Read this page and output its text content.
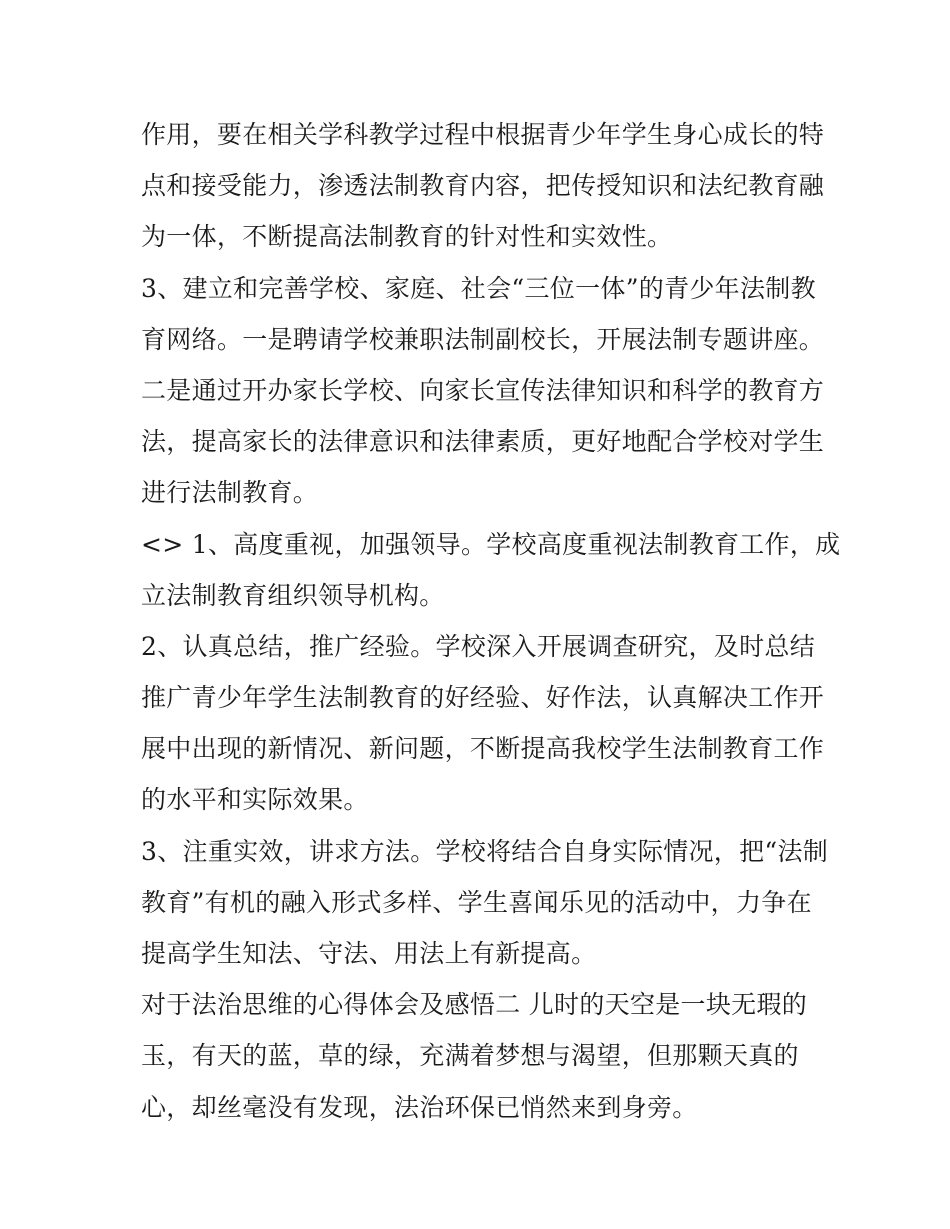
作用，要在相关学科教学过程中根据青少年学生身心成长的特
点和接受能力，渗透法制教育内容，把传授知识和法纪教育融
为一体，不断提高法制教育的针对性和实效性。
3、建立和完善学校、家庭、社会“三位一体”的青少年法制教
育网络。一是聘请学校兼职法制副校长，开展法制专题讲座。
二是通过开办家长学校、向家长宣传法律知识和科学的教育方
法，提高家长的法律意识和法律素质，更好地配合学校对学生
进行法制教育。
<> 1、高度重视，加强领导。学校高度重视法制教育工作，成
立法制教育组织领导机构。
2、认真总结，推广经验。学校深入开展调查研究，及时总结
推广青少年学生法制教育的好经验、好作法，认真解决工作开
展中出现的新情况、新问题，不断提高我校学生法制教育工作
的水平和实际效果。
3、注重实效，讲求方法。学校将结合自身实际情况，把“法制
教育”有机的融入形式多样、学生喜闻乐见的活动中，力争在
提高学生知法、守法、用法上有新提高。
对于法治思维的心得体会及感悟二 儿时的天空是一块无瑕的
玉，有天的蓝，草的绿，充满着梦想与渴望，但那颗天真的
心，却丝毫没有发现，法治环保已悄然来到身旁。
